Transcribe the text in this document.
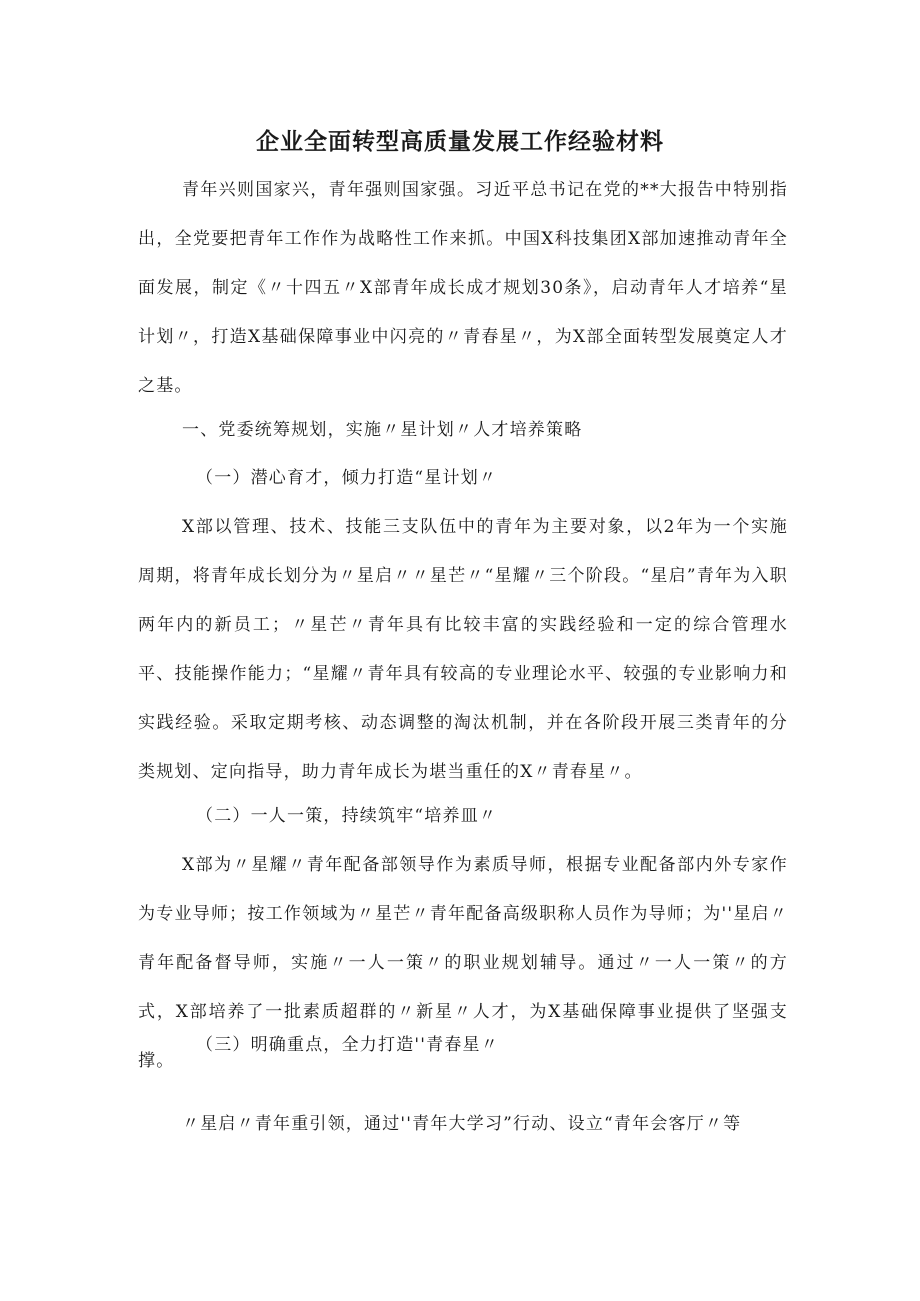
企业全面转型高质量发展工作经验材料

青年兴则国家兴，青年强则国家强。习近平总书记在党的**大报告中特别指出，全党要把青年工作作为战略性工作来抓。中国X科技集团X部加速推动青年全面发展，制定《〃十四五〃X部青年成长成才规划30条》，启动青年人才培养“星计划〃，打造X基础保障事业中闪亮的〃青春星〃，为X部全面转型发展奠定人才之基。

一、党委统筹规划，实施〃星计划〃人才培养策略

（一）潜心育才，倾力打造“星计划〃

X部以管理、技术、技能三支队伍中的青年为主要对象，以2年为一个实施周期，将青年成长划分为〃星启〃〃星芒〃“星耀〃三个阶段。“星启”青年为入职两年内的新员工；〃星芒〃青年具有比较丰富的实践经验和一定的综合管理水平、技能操作能力；“星耀〃青年具有较高的专业理论水平、较强的专业影响力和实践经验。采取定期考核、动态调整的淘汰机制，并在各阶段开展三类青年的分类规划、定向指导，助力青年成长为堪当重任的X〃青春星〃。

（二）一人一策，持续筑牢“培养皿〃

X部为〃星耀〃青年配备部领导作为素质导师，根据专业配备部内外专家作为专业导师；按工作领域为〃星芒〃青年配备高级职称人员作为导师；为''星启〃青年配备督导师，实施〃一人一策〃的职业规划辅导。通过〃一人一策〃的方式，X部培养了一批素质超群的〃新星〃人才，为X基础保障事业提供了坚强支撑。

（三）明确重点，全力打造''青春星〃

〃星启〃青年重引领，通过''青年大学习”行动、设立“青年会客厅〃等
